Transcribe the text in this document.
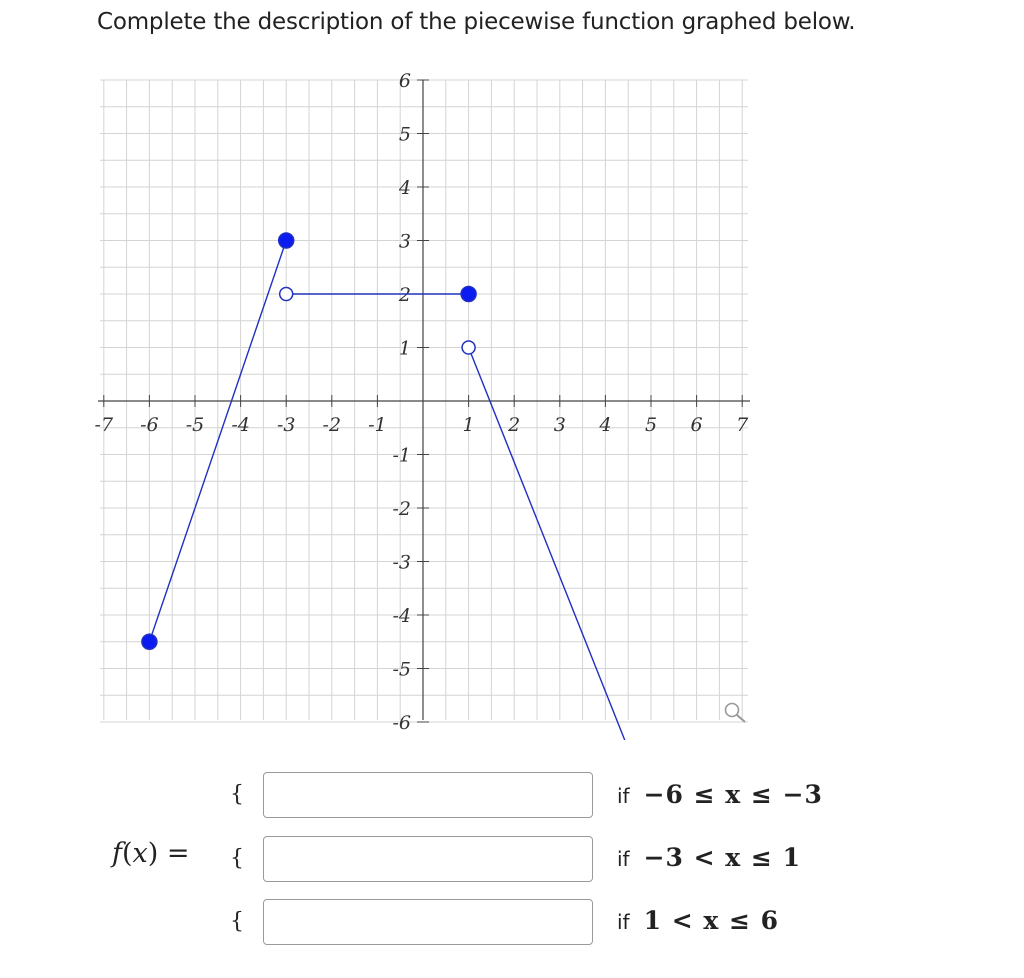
Complete the description of the piecewise function graphed below.
-7 -6 -5 -4 -3 -2 -1	1 2 3 4 5 6 7
6
5
4
3
2
1
-1
-2
-3
-4
-5
-6
f(x) =
{
{
{
if −6 ≤ x ≤ −3
if −3 < x ≤ 1
if 1 < x ≤ 6
